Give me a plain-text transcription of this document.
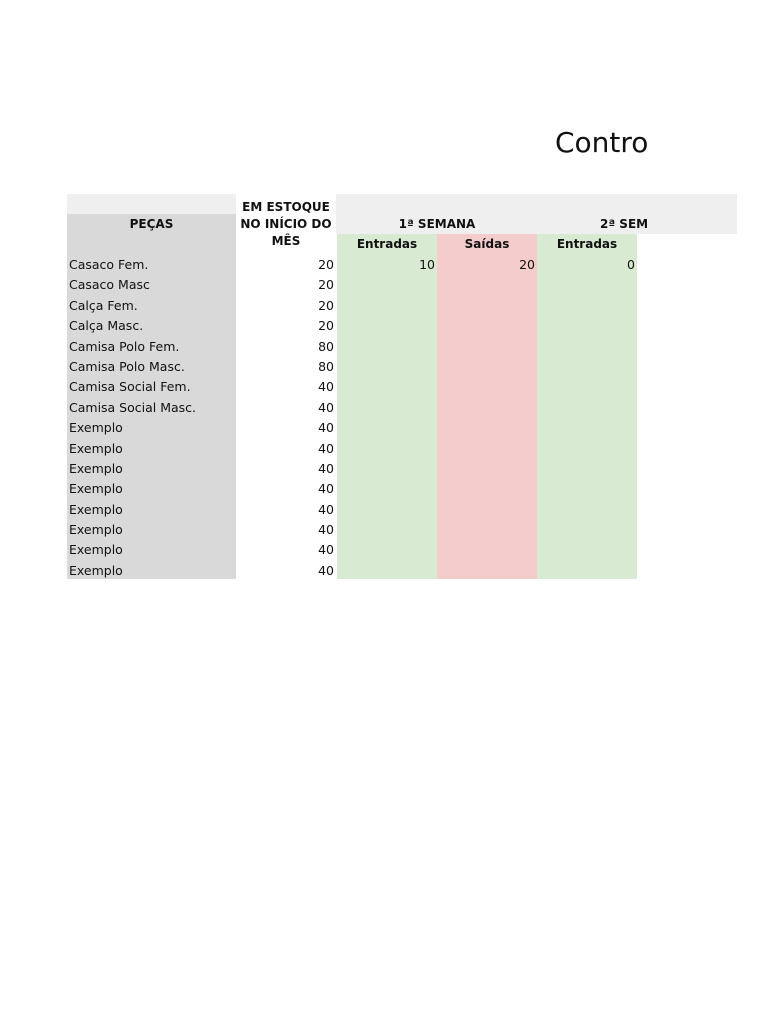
Contro
PEÇAS
EM ESTOQUE NO INÍCIO DO MÊS
1ª SEMANA	2ª SEM
Entradas	Saídas	Entradas
Casaco Fem.	20	10	20	0
Casaco Masc	20
Calça Fem.	20
Calça Masc.	20
Camisa Polo Fem.	80
Camisa Polo Masc.	80
Camisa Social Fem.	40
Camisa Social Masc.	40
Exemplo	40
Exemplo	40
Exemplo	40
Exemplo	40
Exemplo	40
Exemplo	40
Exemplo	40
Exemplo	40
